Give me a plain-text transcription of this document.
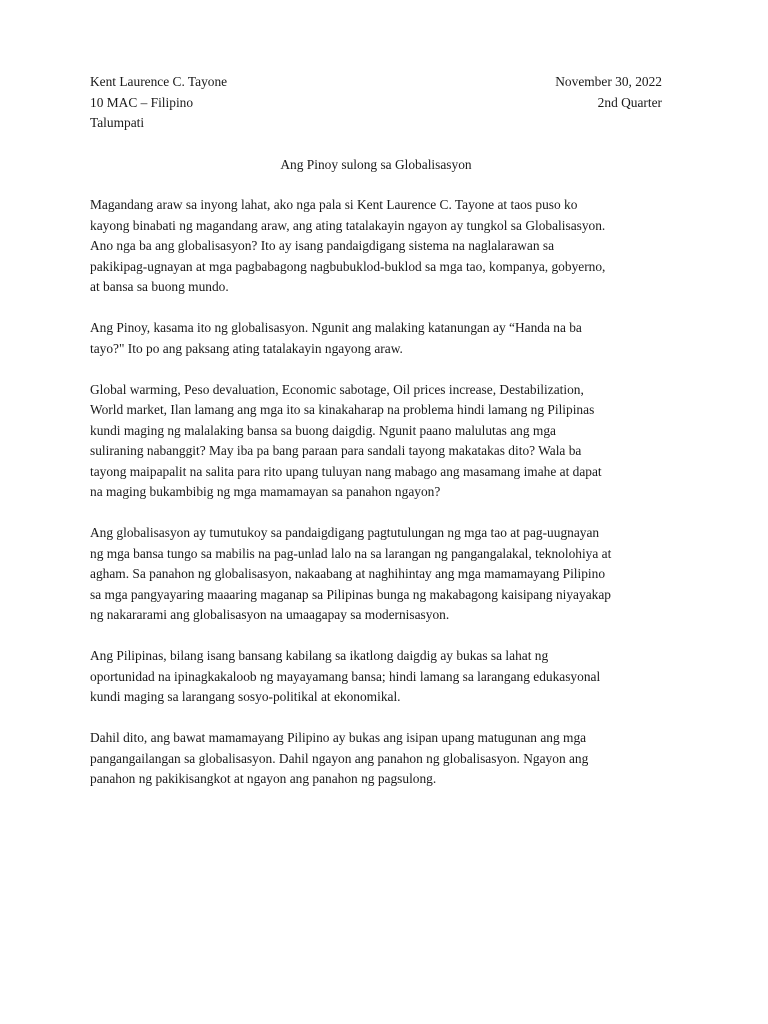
Kent Laurence C. Tayone	November 30, 2022
10 MAC – Filipino	2nd Quarter
Talumpati
Ang Pinoy sulong sa Globalisasyon
Magandang araw sa inyong lahat, ako nga pala si Kent Laurence C. Tayone at taos puso ko
kayong binabati ng magandang araw, ang ating tatalakayin ngayon ay tungkol sa Globalisasyon.
Ano nga ba ang globalisasyon? Ito ay isang pandaigdigang sistema na naglalarawan sa
pakikipag-ugnayan at mga pagbabagong nagbubuklod-buklod sa mga tao, kompanya, gobyerno,
at bansa sa buong mundo.
Ang Pinoy, kasama ito ng globalisasyon. Ngunit ang malaking katanungan ay “Handa na ba
tayo?" Ito po ang paksang ating tatalakayin ngayong araw.
Global warming, Peso devaluation, Economic sabotage, Oil prices increase, Destabilization,
World market, Ilan lamang ang mga ito sa kinakaharap na problema hindi lamang ng Pilipinas
kundi maging ng malalaking bansa sa buong daigdig. Ngunit paano malulutas ang mga
suliraning nabanggit? May iba pa bang paraan para sandali tayong makatakas dito? Wala ba
tayong maipapalit na salita para rito upang tuluyan nang mabago ang masamang imahe at dapat
na maging bukambibig ng mga mamamayan sa panahon ngayon?
Ang globalisasyon ay tumutukoy sa pandaigdigang pagtutulungan ng mga tao at pag-uugnayan
ng mga bansa tungo sa mabilis na pag-unlad lalo na sa larangan ng pangangalakal, teknolohiya at
agham. Sa panahon ng globalisasyon, nakaabang at naghihintay ang mga mamamayang Pilipino
sa mga pangyayaring maaaring maganap sa Pilipinas bunga ng makabagong kaisipang niyayakap
ng nakararami ang globalisasyon na umaagapay sa modernisasyon.
Ang Pilipinas, bilang isang bansang kabilang sa ikatlong daigdig ay bukas sa lahat ng
oportunidad na ipinagkakaloob ng mayayamang bansa; hindi lamang sa larangang edukasyonal
kundi maging sa larangang sosyo-politikal at ekonomikal.
Dahil dito, ang bawat mamamayang Pilipino ay bukas ang isipan upang matugunan ang mga
pangangailangan sa globalisasyon. Dahil ngayon ang panahon ng globalisasyon. Ngayon ang
panahon ng pakikisangkot at ngayon ang panahon ng pagsulong.
